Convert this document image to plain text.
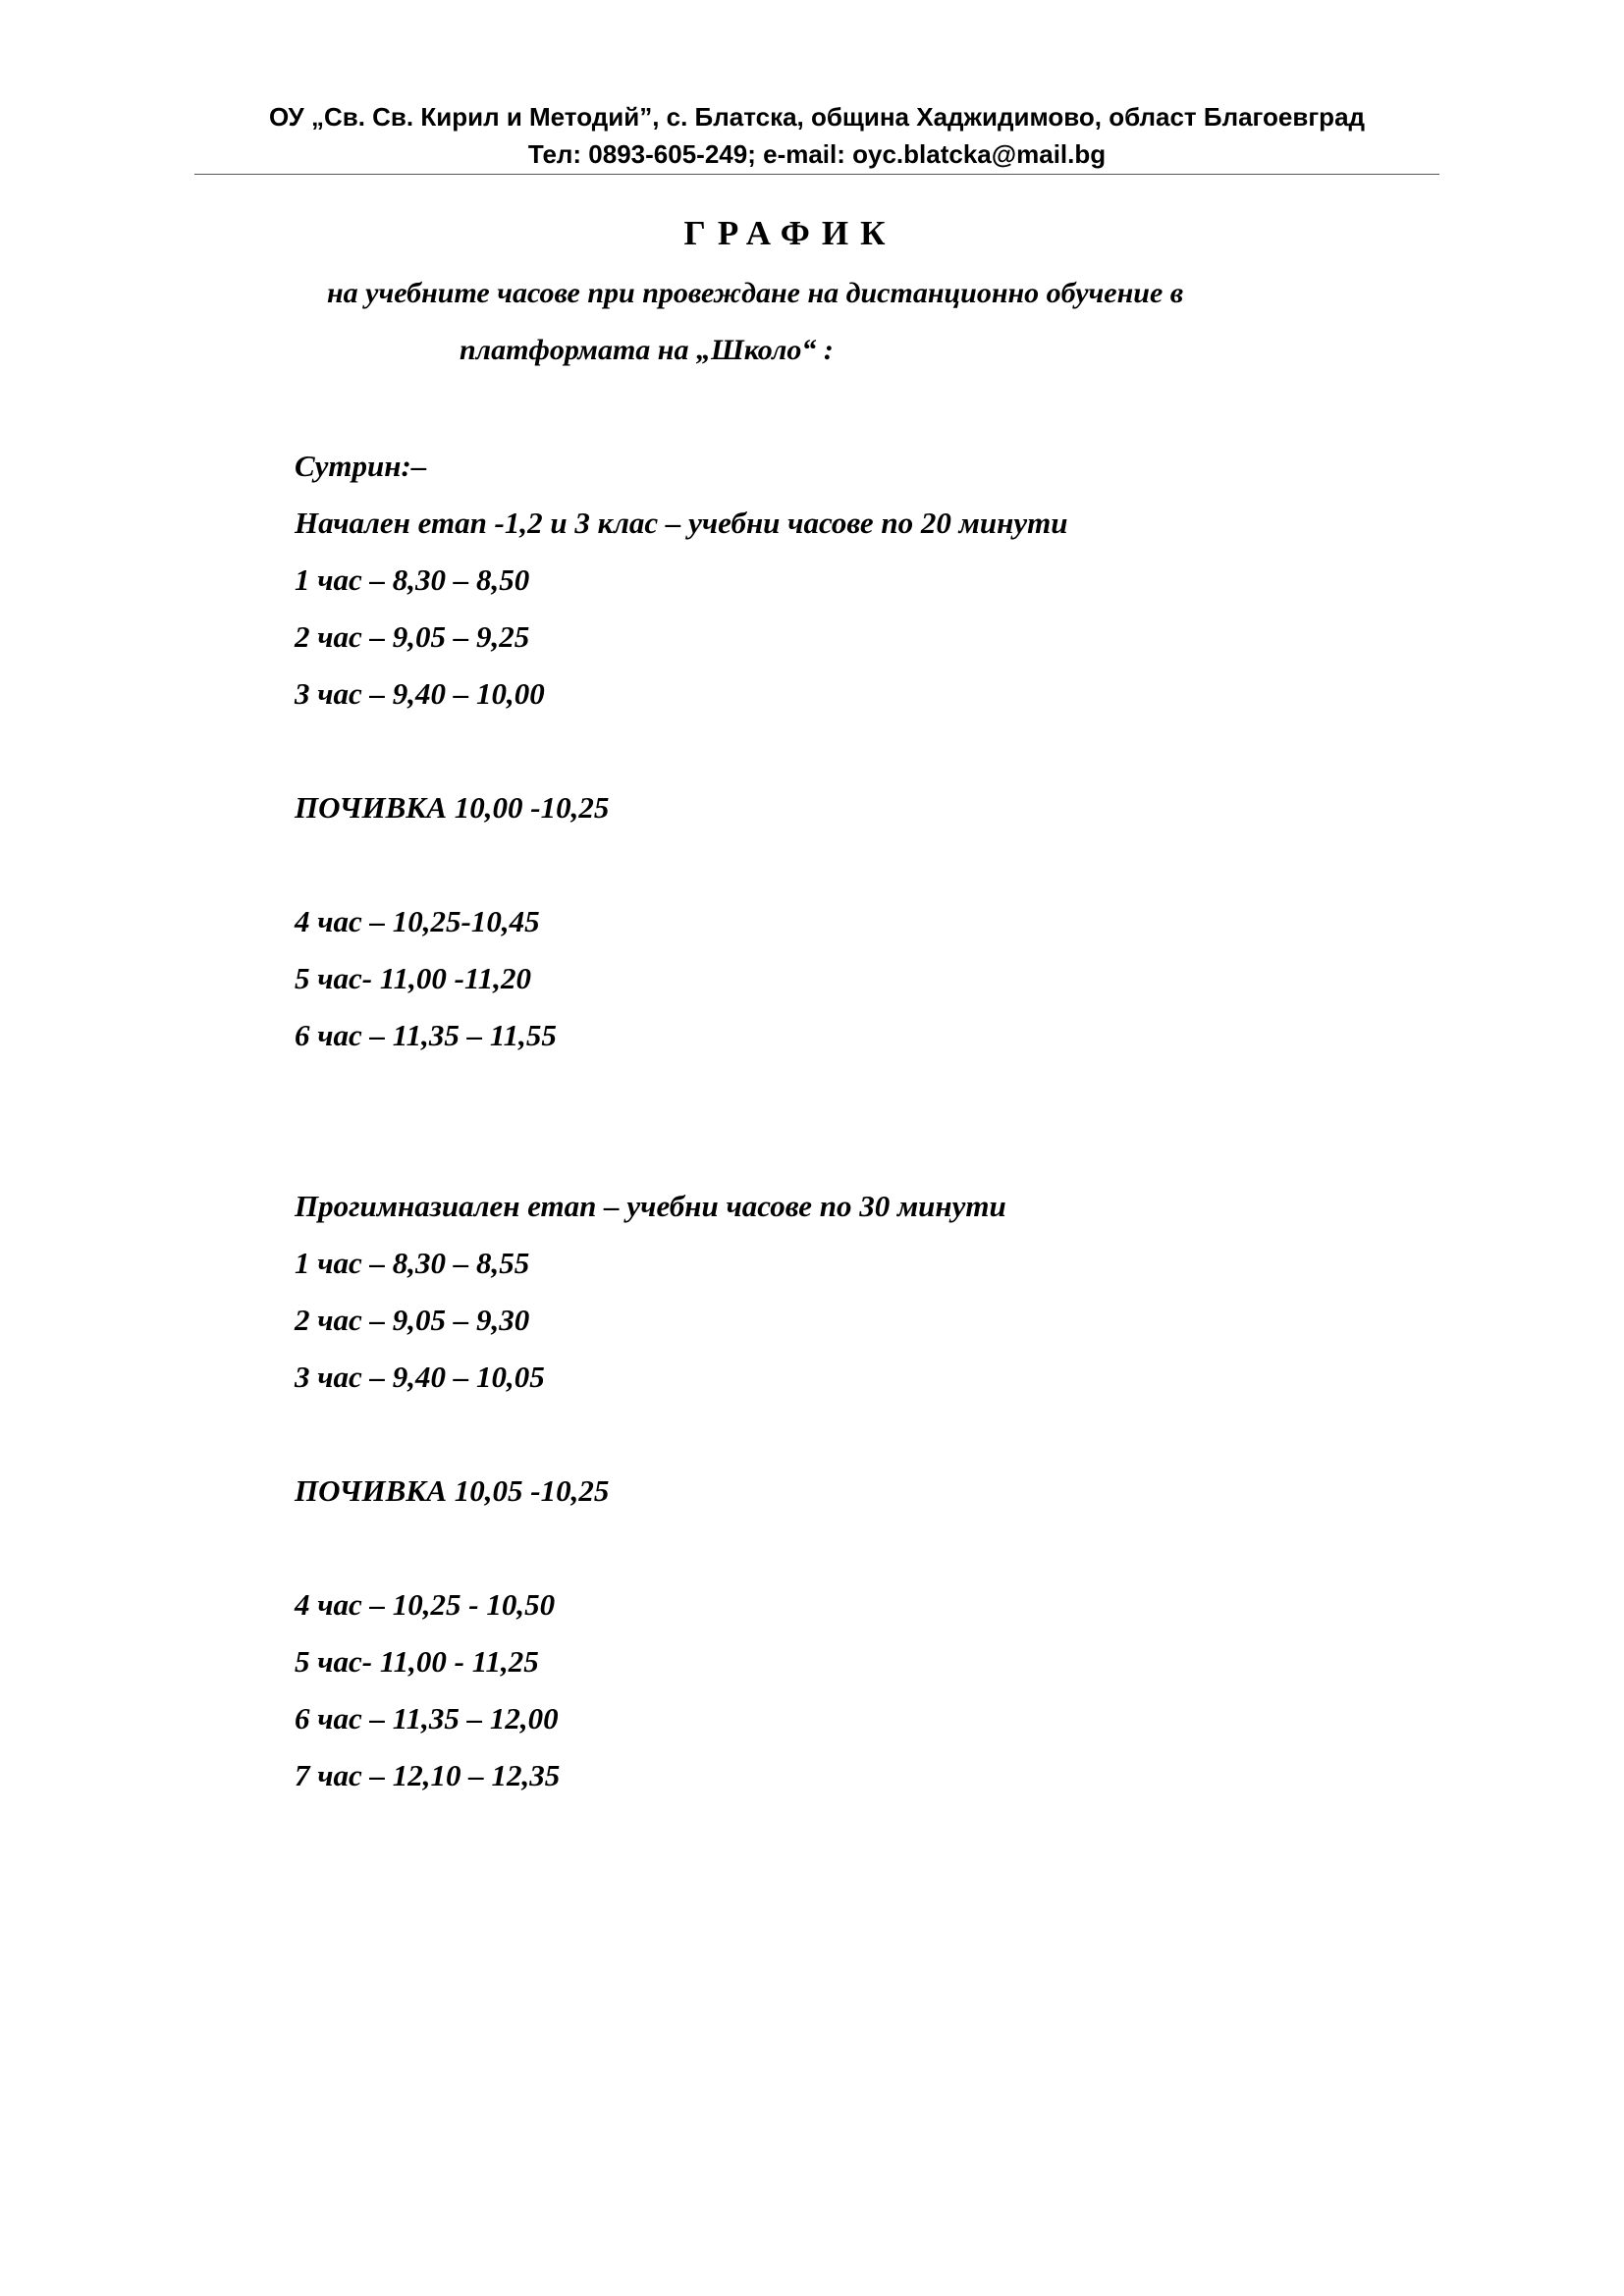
ОУ „Св. Св. Кирил и Методий”, с. Блатска, община Хаджидимово, област Благоевград
Тел: 0893-605-249; e-mail: oyc.blatcka@mail.bg
ГРАФИК
на учебните часове при провеждане на дистанционно обучение в
платформата на „Школо“ :
Сутрин:–
Начален етап -1,2 и 3 клас – учебни часове по 20 минути
1 час – 8,30 – 8,50
2 час – 9,05 – 9,25
3 час – 9,40 – 10,00
ПОЧИВКА 10,00 -10,25
4 час – 10,25-10,45
5 час- 11,00 -11,20
6 час – 11,35 – 11,55
Прогимназиален етап – учебни часове по 30 минути
1 час – 8,30 – 8,55
2 час – 9,05 – 9,30
3 час – 9,40 – 10,05
ПОЧИВКА 10,05 -10,25
4 час – 10,25 - 10,50
5 час- 11,00 - 11,25
6 час – 11,35 – 12,00
7 час – 12,10 – 12,35
